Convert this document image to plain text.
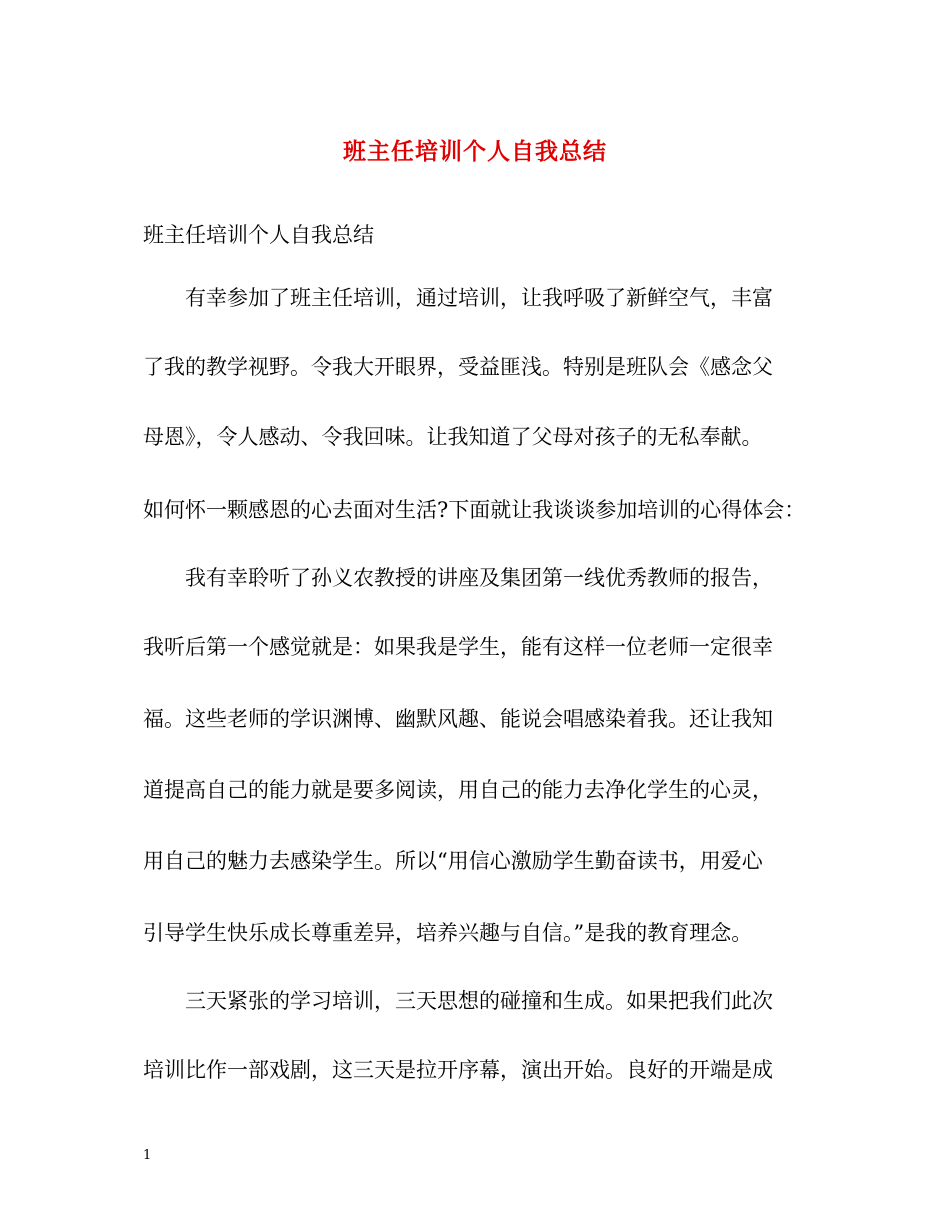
班主任培训个人自我总结
班主任培训个人自我总结
有幸参加了班主任培训，通过培训，让我呼吸了新鲜空气，丰富
了我的教学视野。令我大开眼界，受益匪浅。特别是班队会《感念父
母恩》，令人感动、令我回味。让我知道了父母对孩子的无私奉献。
如何怀一颗感恩的心去面对生活?下面就让我谈谈参加培训的心得体会：
我有幸聆听了孙义农教授的讲座及集团第一线优秀教师的报告，
我听后第一个感觉就是：如果我是学生，能有这样一位老师一定很幸
福。这些老师的学识渊博、幽默风趣、能说会唱感染着我。还让我知
道提高自己的能力就是要多阅读，用自己的能力去净化学生的心灵，
用自己的魅力去感染学生。所以“用信心激励学生勤奋读书，用爱心
引导学生快乐成长尊重差异，培养兴趣与自信。”是我的教育理念。
三天紧张的学习培训，三天思想的碰撞和生成。如果把我们此次
培训比作一部戏剧，这三天是拉开序幕，演出开始。良好的开端是成
1
